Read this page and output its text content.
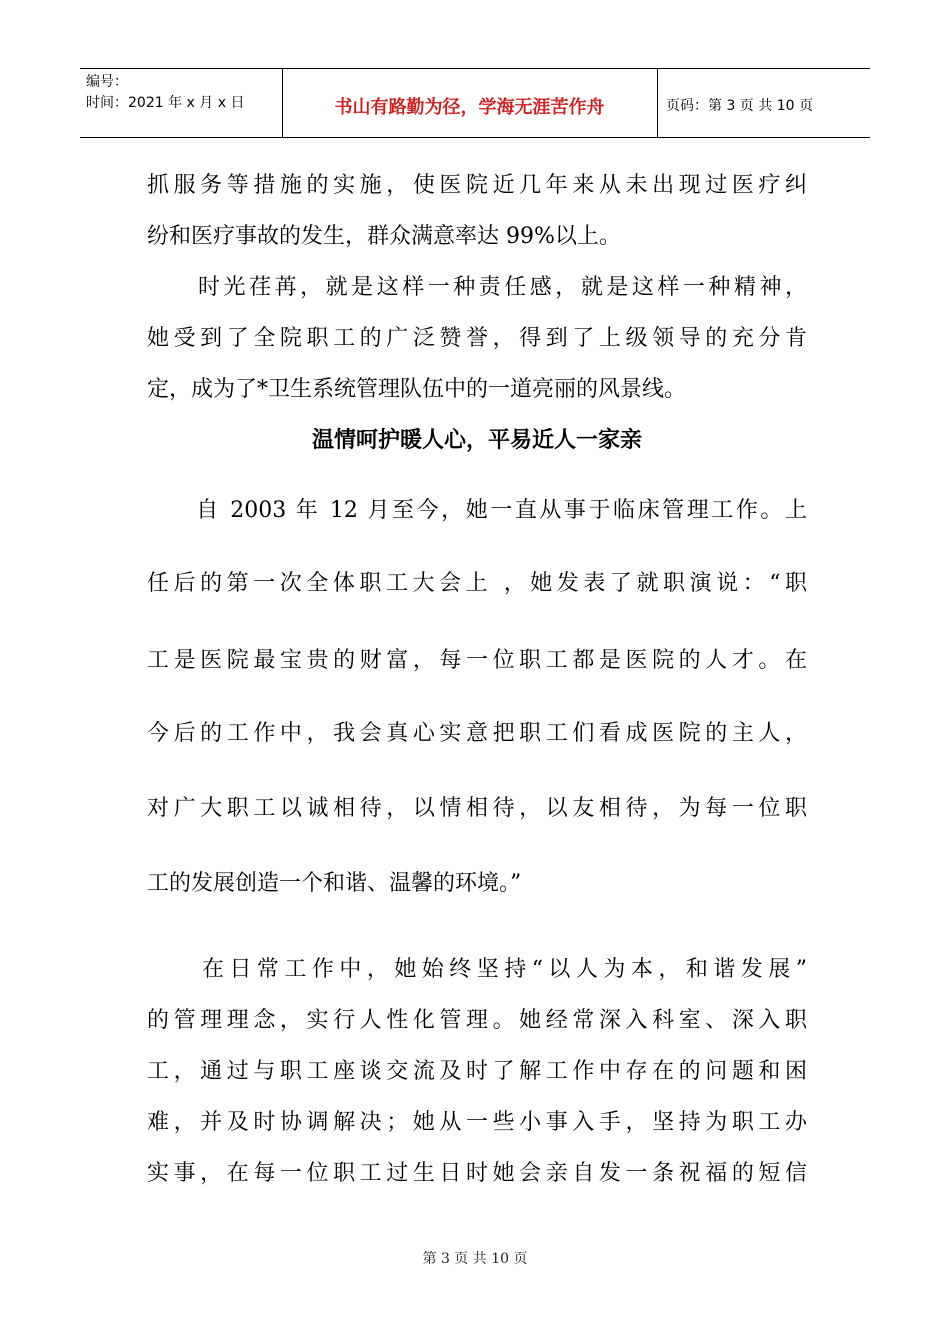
编号：
时间：2021 年 x 月 x 日	书山有路勤为径，学海无涯苦作舟	页码：第 3 页 共 10 页
抓服务等措施的实施，使医院近几年来从未出现过医疗纠
纷和医疗事故的发生，群众满意率达 99%以上。
　　时光荏苒，就是这样一种责任感，就是这样一种精神，
她受到了全院职工的广泛赞誉，得到了上级领导的充分肯
定，成为了*卫生系统管理队伍中的一道亮丽的风景线。
温情呵护暖人心，平易近人一家亲
　　自 2003 年 12 月至今，她一直从事于临床管理工作。上
任后的第一次全体职工大会上 ，她发表了就职演说：“职
工是医院最宝贵的财富，每一位职工都是医院的人才。在
今后的工作中，我会真心实意把职工们看成医院的主人，
对广大职工以诚相待，以情相待，以友相待，为每一位职
工的发展创造一个和谐、温馨的环境。”
　　在日常工作中，她始终坚持“以人为本，和谐发展”
的管理理念，实行人性化管理。她经常深入科室、深入职
工，通过与职工座谈交流及时了解工作中存在的问题和困
难，并及时协调解决；她从一些小事入手，坚持为职工办
实事，在每一位职工过生日时她会亲自发一条祝福的短信
第 3 页 共 10 页
